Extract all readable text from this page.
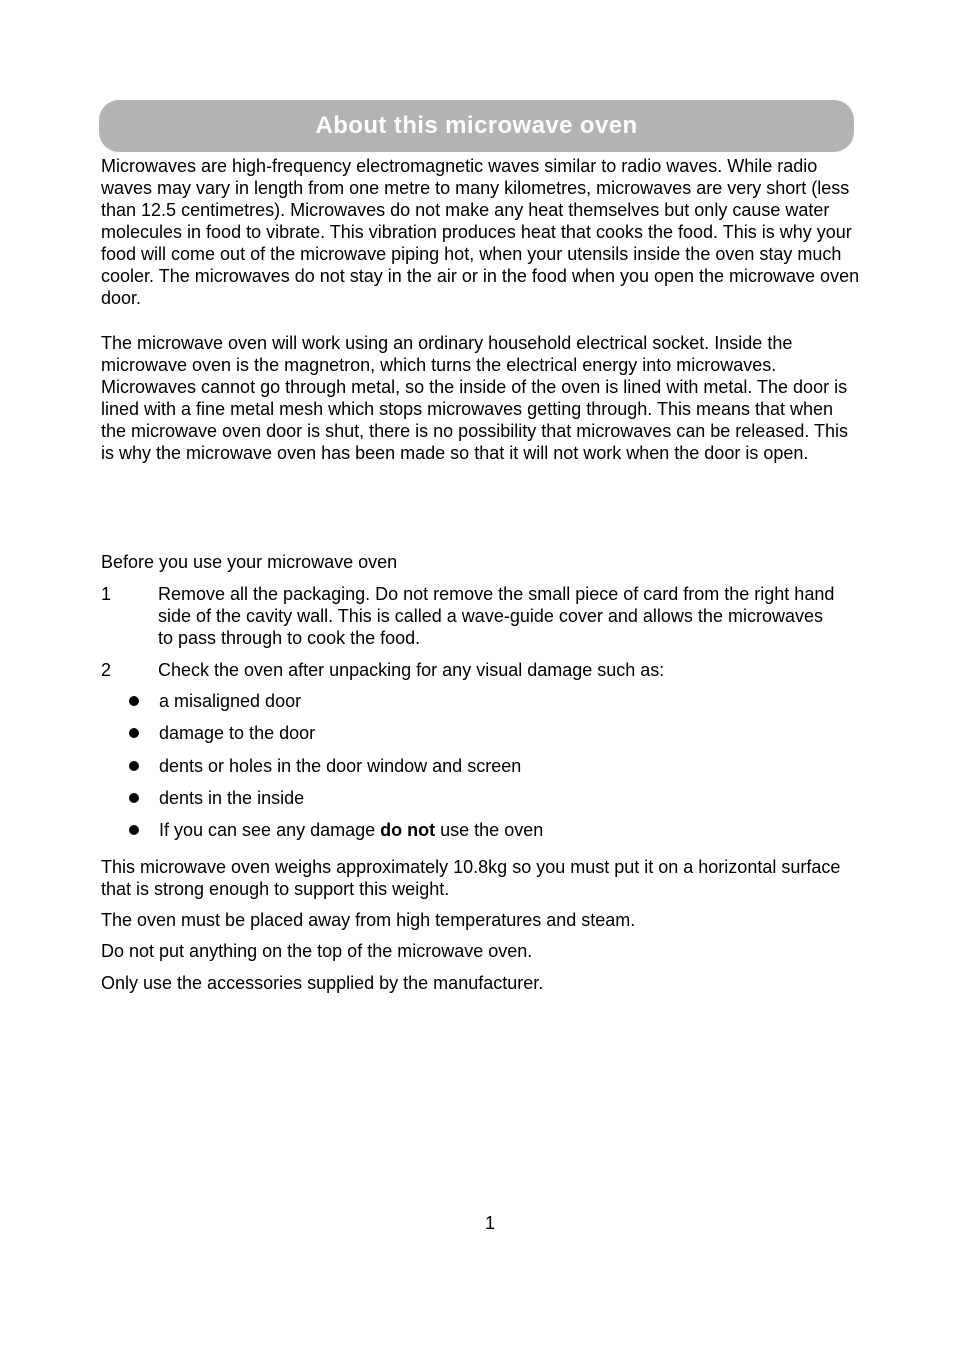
About this microwave oven

Microwaves are high-frequency electromagnetic waves similar to radio waves. While radio waves may vary in length from one metre to many kilometres, microwaves are very short (less than 12.5 centimetres). Microwaves do not make any heat themselves but only cause water molecules in food to vibrate. This vibration produces heat that cooks the food. This is why your food will come out of the microwave piping hot, when your utensils inside the oven stay much cooler. The microwaves do not stay in the air or in the food when you open the microwave oven door.

The microwave oven will work using an ordinary household electrical socket. Inside the microwave oven is the magnetron, which turns the electrical energy into microwaves. Microwaves cannot go through metal, so the inside of the oven is lined with metal. The door is lined with a fine metal mesh which stops microwaves getting through. This means that when the microwave oven door is shut, there is no possibility that microwaves can be released. This is why the microwave oven has been made so that it will not work when the door is open.

Before you use your microwave oven

1	Remove all the packaging. Do not remove the small piece of card from the right hand side of the cavity wall. This is called a wave-guide cover and allows the microwaves to pass through to cook the food.
2	Check the oven after unpacking for any visual damage such as:
a misaligned door
damage to the door
dents or holes in the door window and screen
dents in the inside
If you can see any damage do not use the oven

This microwave oven weighs approximately 10.8kg so you must put it on a horizontal surface that is strong enough to support this weight.

The oven must be placed away from high temperatures and steam.

Do not put anything on the top of the microwave oven.

Only use the accessories supplied by the manufacturer.

1
